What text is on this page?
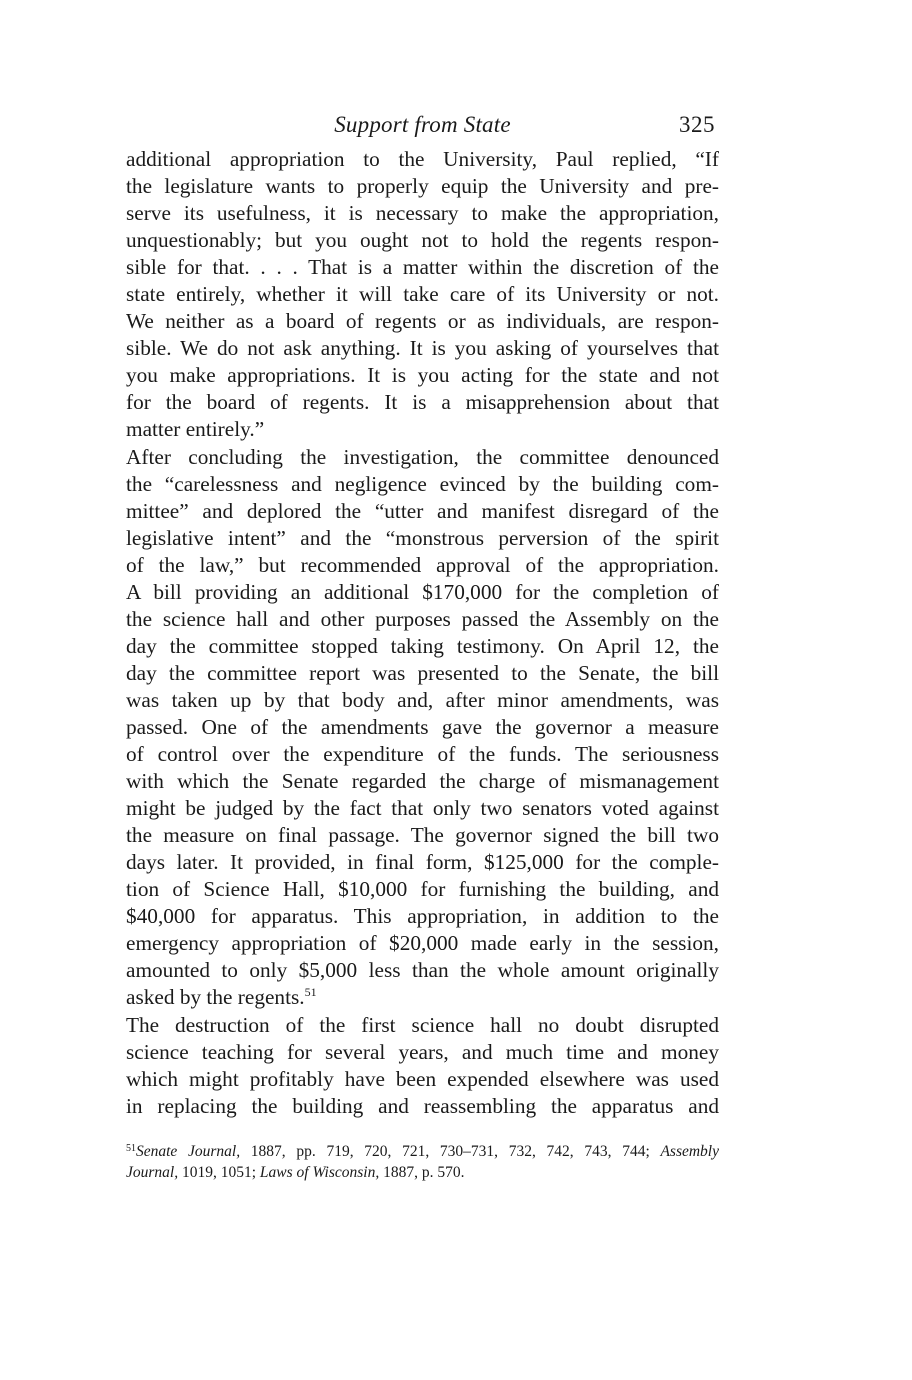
Support from State	325
additional appropriation to the University, Paul replied, “If
the legislature wants to properly equip the University and pre-
serve its usefulness, it is necessary to make the appropriation,
unquestionably; but you ought not to hold the regents respon-
sible for that. . . . That is a matter within the discretion of the
state entirely, whether it will take care of its University or not.
We neither as a board of regents or as individuals, are respon-
sible. We do not ask anything. It is you asking of yourselves that
you make appropriations. It is you acting for the state and not
for the board of regents. It is a misapprehension about that
matter entirely.”
After concluding the investigation, the committee denounced
the “carelessness and negligence evinced by the building com-
mittee” and deplored the “utter and manifest disregard of the
legislative intent” and the “monstrous perversion of the spirit
of the law,” but recommended approval of the appropriation.
A bill providing an additional $170,000 for the completion of
the science hall and other purposes passed the Assembly on the
day the committee stopped taking testimony. On April 12, the
day the committee report was presented to the Senate, the bill
was taken up by that body and, after minor amendments, was
passed. One of the amendments gave the governor a measure
of control over the expenditure of the funds. The seriousness
with which the Senate regarded the charge of mismanagement
might be judged by the fact that only two senators voted against
the measure on final passage. The governor signed the bill two
days later. It provided, in final form, $125,000 for the comple-
tion of Science Hall, $10,000 for furnishing the building, and
$40,000 for apparatus. This appropriation, in addition to the
emergency appropriation of $20,000 made early in the session,
amounted to only $5,000 less than the whole amount originally
asked by the regents.$^{51}$
The destruction of the first science hall no doubt disrupted
science teaching for several years, and much time and money
which might profitably have been expended elsewhere was used
in replacing the building and reassembling the apparatus and
$^{51}$Senate Journal, 1887, pp. 719, 720, 721, 730–731, 732, 742, 743, 744; Assembly
Journal, 1019, 1051; Laws of Wisconsin, 1887, p. 570.
